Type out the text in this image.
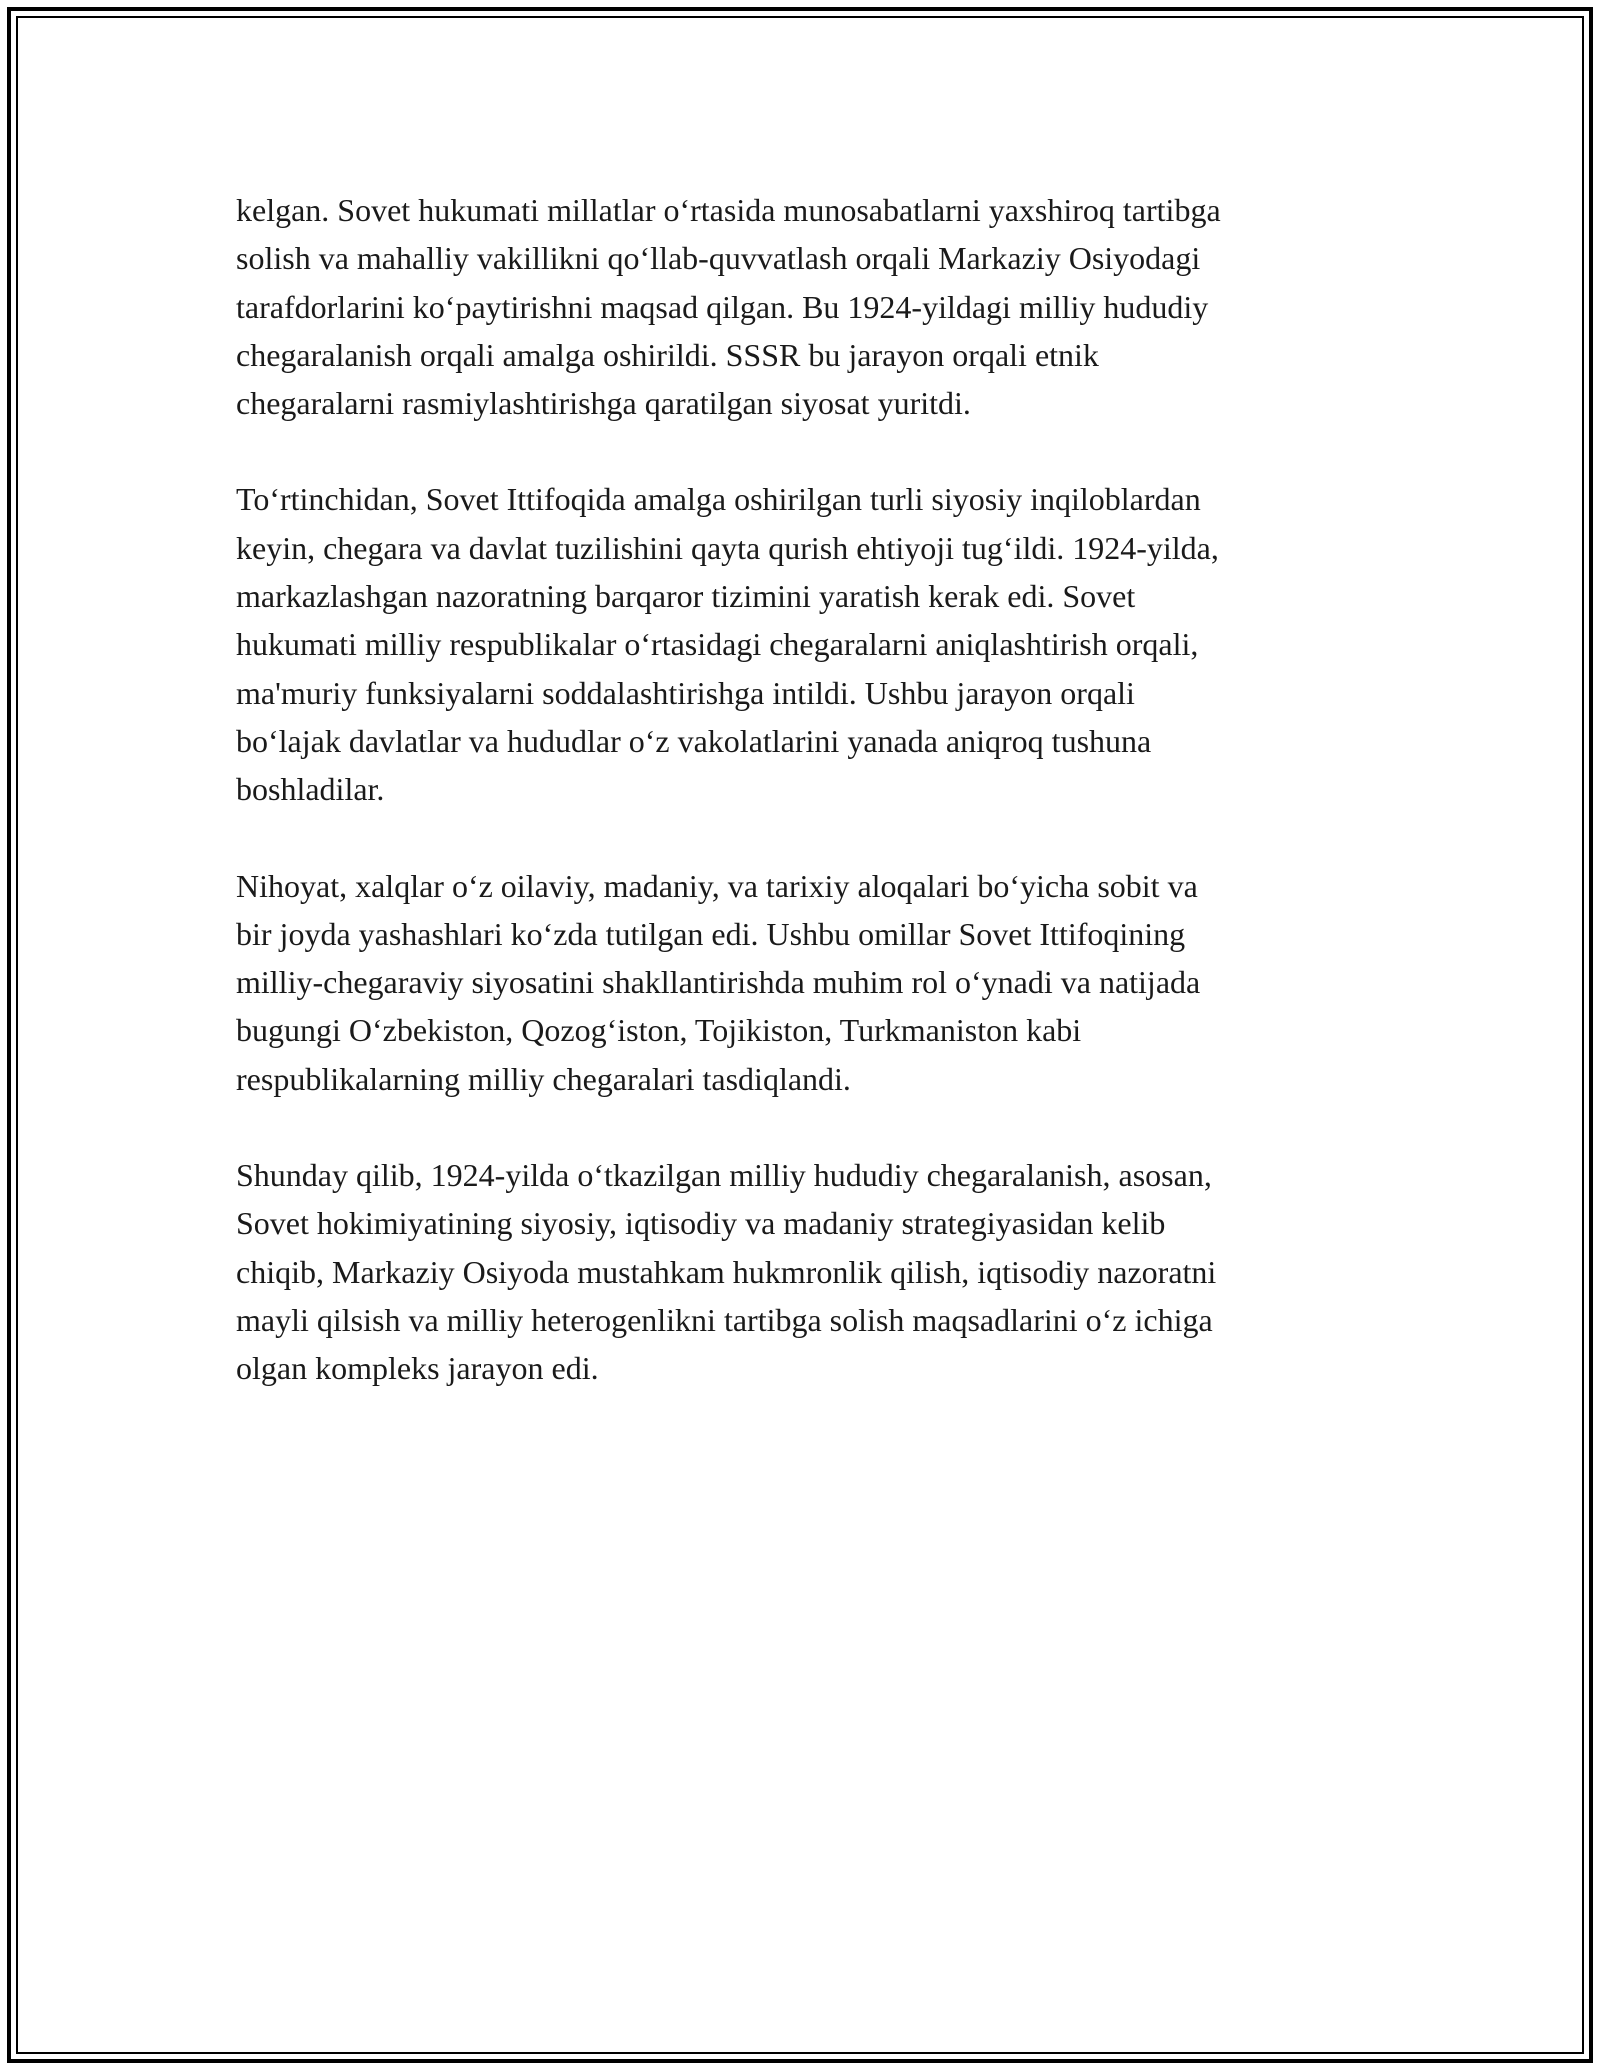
kelgan. Sovet hukumati millatlar o‘rtasida munosabatlarni yaxshiroq tartibga
solish va mahalliy vakillikni qo‘llab-quvvatlash orqali Markaziy Osiyodagi
tarafdorlarini ko‘paytirishni maqsad qilgan. Bu 1924-yildagi milliy hududiy
chegaralanish orqali amalga oshirildi. SSSR bu jarayon orqali etnik
chegaralarni rasmiylashtirishga qaratilgan siyosat yuritdi.

To‘rtinchidan, Sovet Ittifoqida amalga oshirilgan turli siyosiy inqiloblardan
keyin, chegara va davlat tuzilishini qayta qurish ehtiyoji tug‘ildi. 1924-yilda,
markazlashgan nazoratning barqaror tizimini yaratish kerak edi. Sovet
hukumati milliy respublikalar o‘rtasidagi chegaralarni aniqlashtirish orqali,
ma'muriy funksiyalarni soddalashtirishga intildi. Ushbu jarayon orqali
bo‘lajak davlatlar va hududlar o‘z vakolatlarini yanada aniqroq tushuna
boshladilar.

Nihoyat, xalqlar o‘z oilaviy, madaniy, va tarixiy aloqalari bo‘yicha sobit va
bir joyda yashashlari ko‘zda tutilgan edi. Ushbu omillar Sovet Ittifoqining
milliy-chegaraviy siyosatini shakllantirishda muhim rol o‘ynadi va natijada
bugungi O‘zbekiston, Qozog‘iston, Tojikiston, Turkmaniston kabi
respublikalarning milliy chegaralari tasdiqlandi.

Shunday qilib, 1924-yilda o‘tkazilgan milliy hududiy chegaralanish, asosan,
Sovet hokimiyatining siyosiy, iqtisodiy va madaniy strategiyasidan kelib
chiqib, Markaziy Osiyoda mustahkam hukmronlik qilish, iqtisodiy nazoratni
mayli qilsish va milliy heterogenlikni tartibga solish maqsadlarini o‘z ichiga
olgan kompleks jarayon edi.
